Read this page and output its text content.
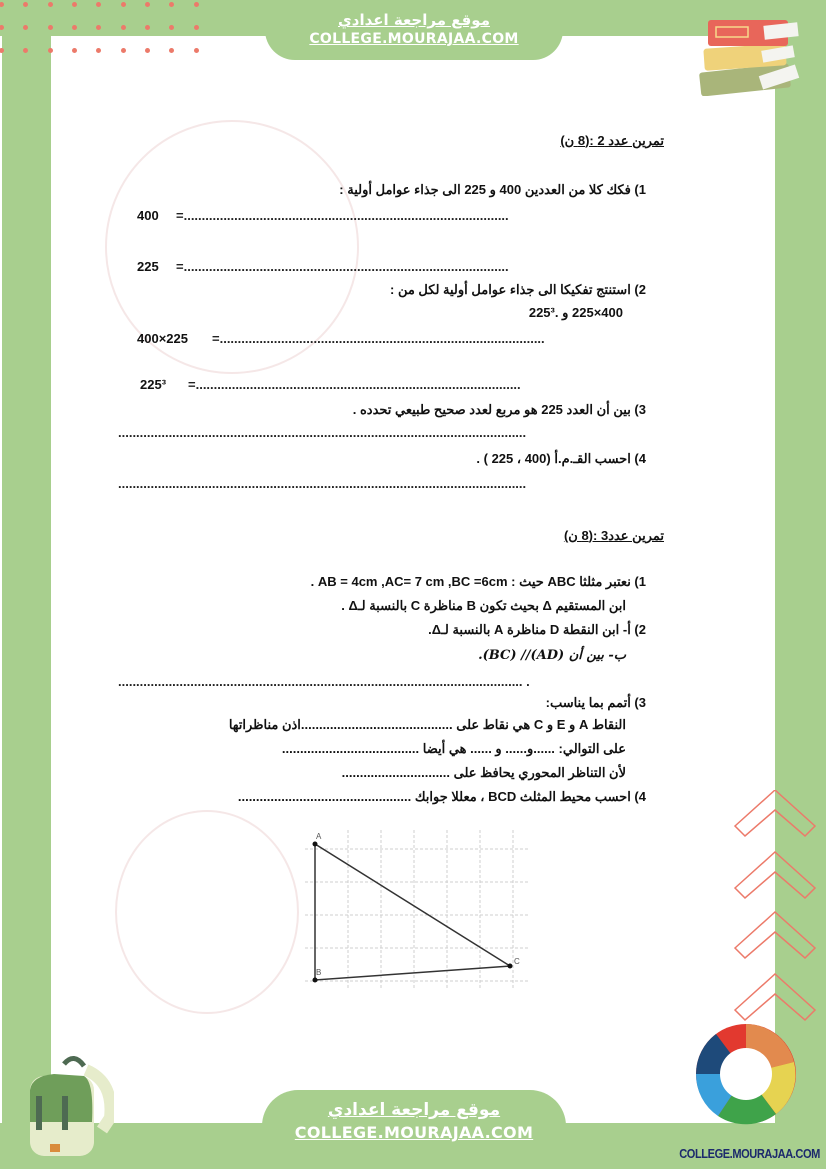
موقع مراجعة اعدادي
COLLEGE.MOURAJAA.COM
تمرين عدد 2 :(8 ن)
1) فكك كلا من العددين 400 و 225 الى جذاء عوامل أولية :
400 =..........................................................................................
225 =..........................................................................................
2) استنتج تفكيكا الى جذاء عوامل أولية لكل من :
400×225 و .225³
400×225 =..........................................................................................
225³ =..........................................................................................
3) بين أن العدد 225 هو مربع لعدد صحيح طبيعي تحدده .
.................................................................................................................
4) احسب القـ.م.أ (400 ، 225 ) .
.................................................................................................................
تمرين عدد3 :(8 ن)
1) نعتبر مثلثا ABC حيث : AB = 4cm ,AC= 7 cm ,BC =6cm .
ابن المستقيم Δ بحيث تكون B مناظرة C بالنسبة لـΔ .
2) أ- ابن النقطة D مناظرة A بالنسبة لـΔ.
ب- بين أن (AD)// (BC).
................................................................................................................ .
3) أتمم بما يناسب:
النقاط A و E و C هي نقاط على ..........................................اذن مناظراتها
على التوالي: ......و...... و ...... هي أيضا ......................................
لأن التناظر المحوري يحافظ على ..............................
4) احسب محيط المثلث BCD ، معللا جوابك ................................................
A
B
C
COLLEGE.MOURAJAA.COM
موقع مراجعة اعدادي
COLLEGE.MOURAJAA.COM
